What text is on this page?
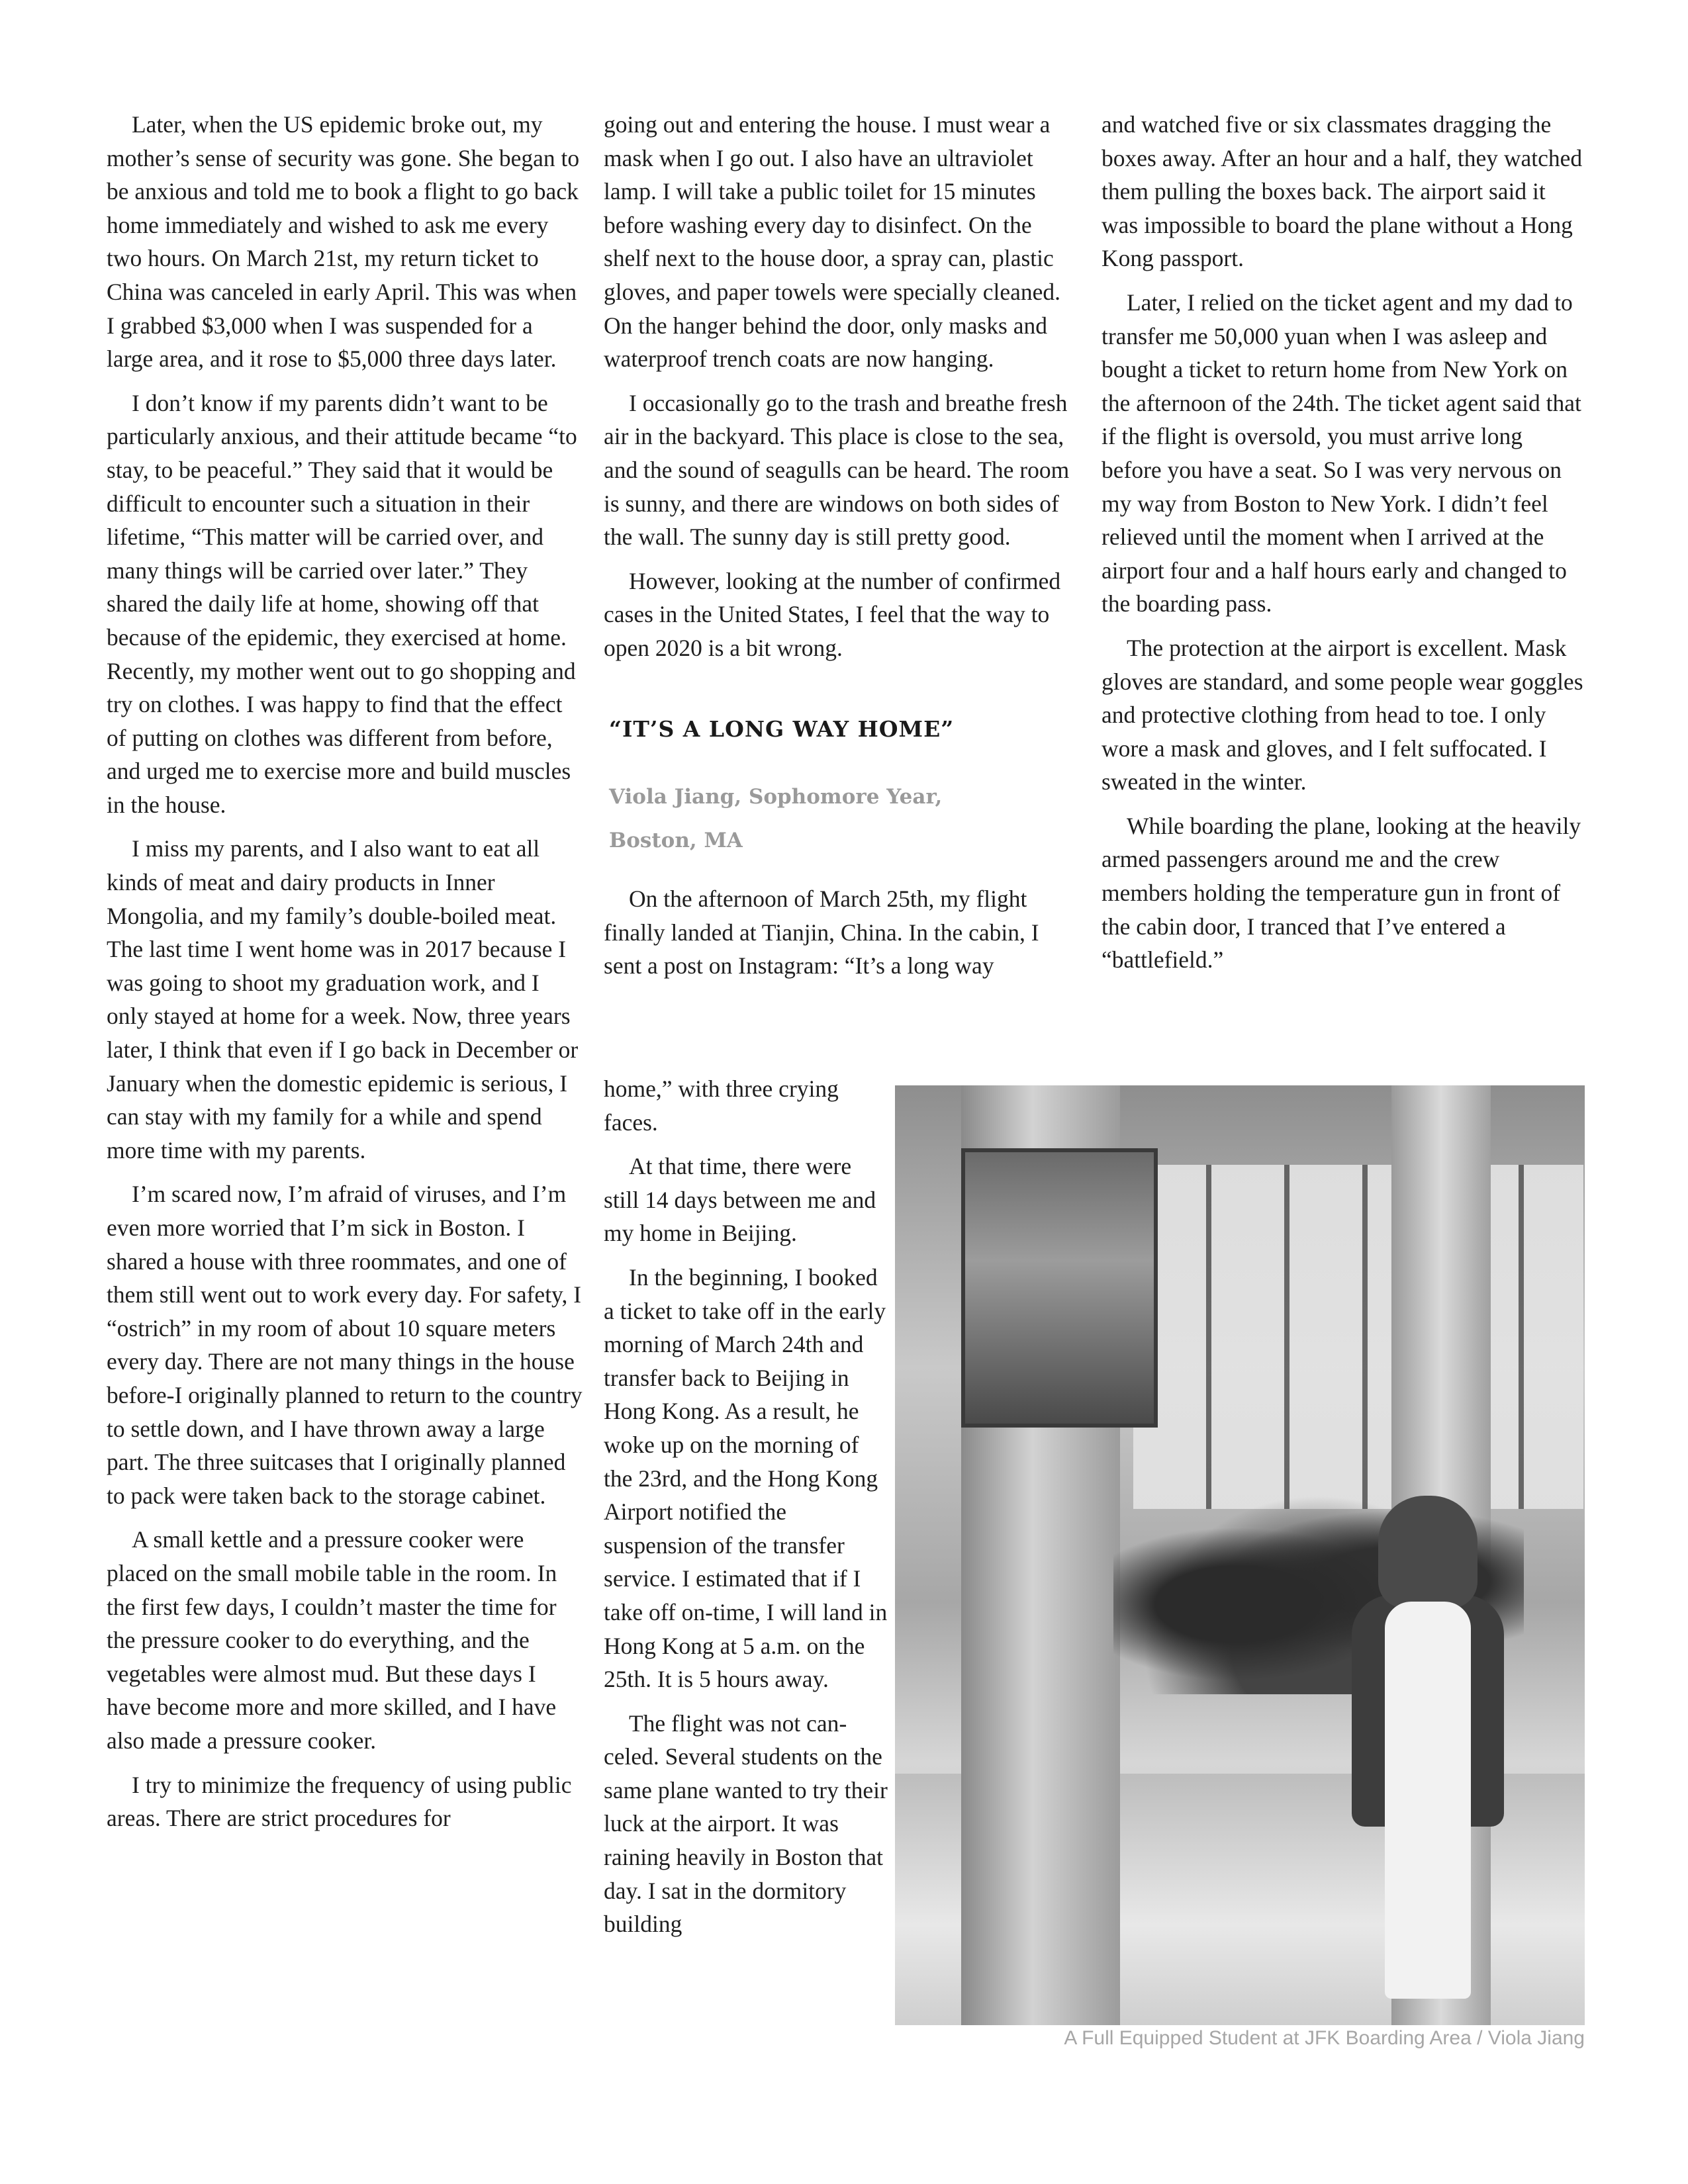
Later, when the US epidemic broke out, my mother’s sense of security was gone. She began to be anxious and told me to book a flight to go back home immediately and wished to ask me every two hours. On March 21st, my return ticket to China was canceled in early April. This was when I grabbed $3,000 when I was suspended for a large area, and it rose to $5,000 three days later.

I don’t know if my parents didn’t want to be particularly anxious, and their attitude became “to stay, to be peaceful.” They said that it would be difficult to encounter such a situation in their lifetime, “This matter will be carried over, and many things will be carried over later.” They shared the daily life at home, showing off that because of the epidemic, they exercised at home. Recently, my mother went out to go shopping and try on clothes. I was happy to find that the effect of putting on clothes was different from before, and urged me to exercise more and build muscles in the house.

I miss my parents, and I also want to eat all kinds of meat and dairy products in Inner Mongolia, and my family’s double-boiled meat. The last time I went home was in 2017 because I was going to shoot my graduation work, and I only stayed at home for a week. Now, three years later, I think that even if I go back in December or January when the domestic epidemic is serious, I can stay with my family for a while and spend more time with my parents.

I’m scared now, I’m afraid of viruses, and I’m even more worried that I’m sick in Boston. I shared a house with three roommates, and one of them still went out to work every day. For safety, I “ostrich” in my room of about 10 square meters every day. There are not many things in the house before-I originally planned to return to the country to settle down, and I have thrown away a large part. The three suitcases that I originally planned to pack were taken back to the storage cabinet.

A small kettle and a pressure cooker were placed on the small mobile table in the room. In the first few days, I couldn’t master the time for the pressure cooker to do everything, and the vegetables were almost mud. But these days I have become more and more skilled, and I have also made a pressure cooker.

I try to minimize the frequency of using public areas. There are strict procedures for

going out and entering the house. I must wear a mask when I go out. I also have an ultraviolet lamp. I will take a public toilet for 15 minutes before washing every day to disinfect. On the shelf next to the house door, a spray can, plastic gloves, and paper towels were specially cleaned. On the hanger behind the door, only masks and waterproof trench coats are now hanging.

I occasionally go to the trash and breathe fresh air in the backyard. This place is close to the sea, and the sound of seagulls can be heard. The room is sunny, and there are windows on both sides of the wall. The sunny day is still pretty good.

However, looking at the number of confirmed cases in the United States, I feel that the way to open 2020 is a bit wrong.

“IT’S A LONG WAY HOME”
Viola Jiang, Sophomore Year,
Boston, MA

On the afternoon of March 25th, my flight finally landed at Tianjin, China. In the cabin, I sent a post on Instagram: “It’s a long way

home,” with three crying faces.

At that time, there were still 14 days between me and my home in Beijing.

In the beginning, I booked a ticket to take off in the early morning of March 24th and transfer back to Beijing in Hong Kong. As a result, he woke up on the morning of the 23rd, and the Hong Kong Airport notified the suspension of the transfer service. I estimated that if I take off on-time, I will land in Hong Kong at 5 a.m. on the 25th. It is 5 hours away.

The flight was not canceled. Several students on the same plane wanted to try their luck at the airport. It was raining heavily in Boston that day. I sat in the dormitory building

and watched five or six classmates dragging the boxes away. After an hour and a half, they watched them pulling the boxes back. The airport said it was impossible to board the plane without a Hong Kong passport.

Later, I relied on the ticket agent and my dad to transfer me 50,000 yuan when I was asleep and bought a ticket to return home from New York on the afternoon of the 24th. The ticket agent said that if the flight is oversold, you must arrive long before you have a seat. So I was very nervous on my way from Boston to New York. I didn’t feel relieved until the moment when I arrived at the airport four and a half hours early and changed to the boarding pass.

The protection at the airport is excellent. Mask gloves are standard, and some people wear goggles and protective clothing from head to toe. I only wore a mask and gloves, and I felt suffocated. I sweated in the winter.

While boarding the plane, looking at the heavily armed passengers around me and the crew members holding the temperature gun in front of the cabin door, I tranced that I’ve entered a “battlefield.”

A Full Equipped Student at JFK Boarding Area / Viola Jiang
